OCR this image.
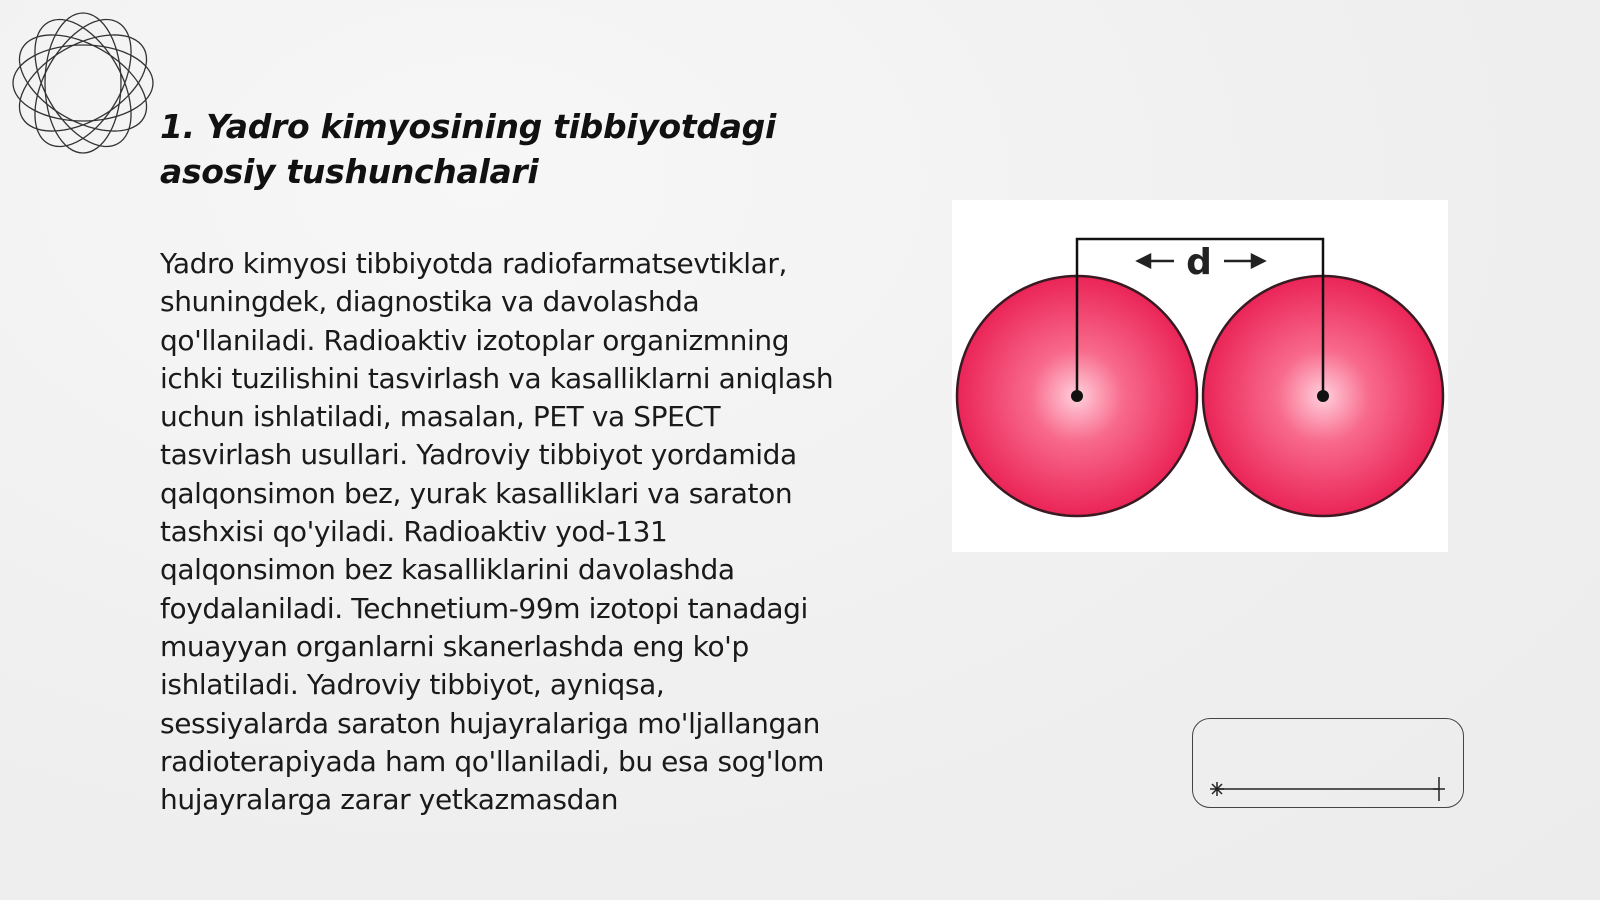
1. Yadro kimyosining tibbiyotdagi asosiy tushunchalari

Yadro kimyosi tibbiyotda radiofarmatsevtiklar, shuningdek, diagnostika va davolashda qo'llaniladi. Radioaktiv izotoplar organizmning ichki tuzilishini tasvirlash va kasalliklarni aniqlash uchun ishlatiladi, masalan, PET va SPECT tasvirlash usullari. Yadroviy tibbiyot yordamida qalqonsimon bez, yurak kasalliklari va saraton tashxisi qo'yiladi. Radioaktiv yod-131 qalqonsimon bez kasalliklarini davolashda foydalaniladi. Technetium-99m izotopi tanadagi muayyan organlarni skanerlashda eng ko'p ishlatiladi. Yadroviy tibbiyot, ayniqsa, sessiyalarda saraton hujayralariga mo'ljallangan radioterapiyada ham qo'llaniladi, bu esa sog'lom hujayralarga zarar yetkazmasdan

d
